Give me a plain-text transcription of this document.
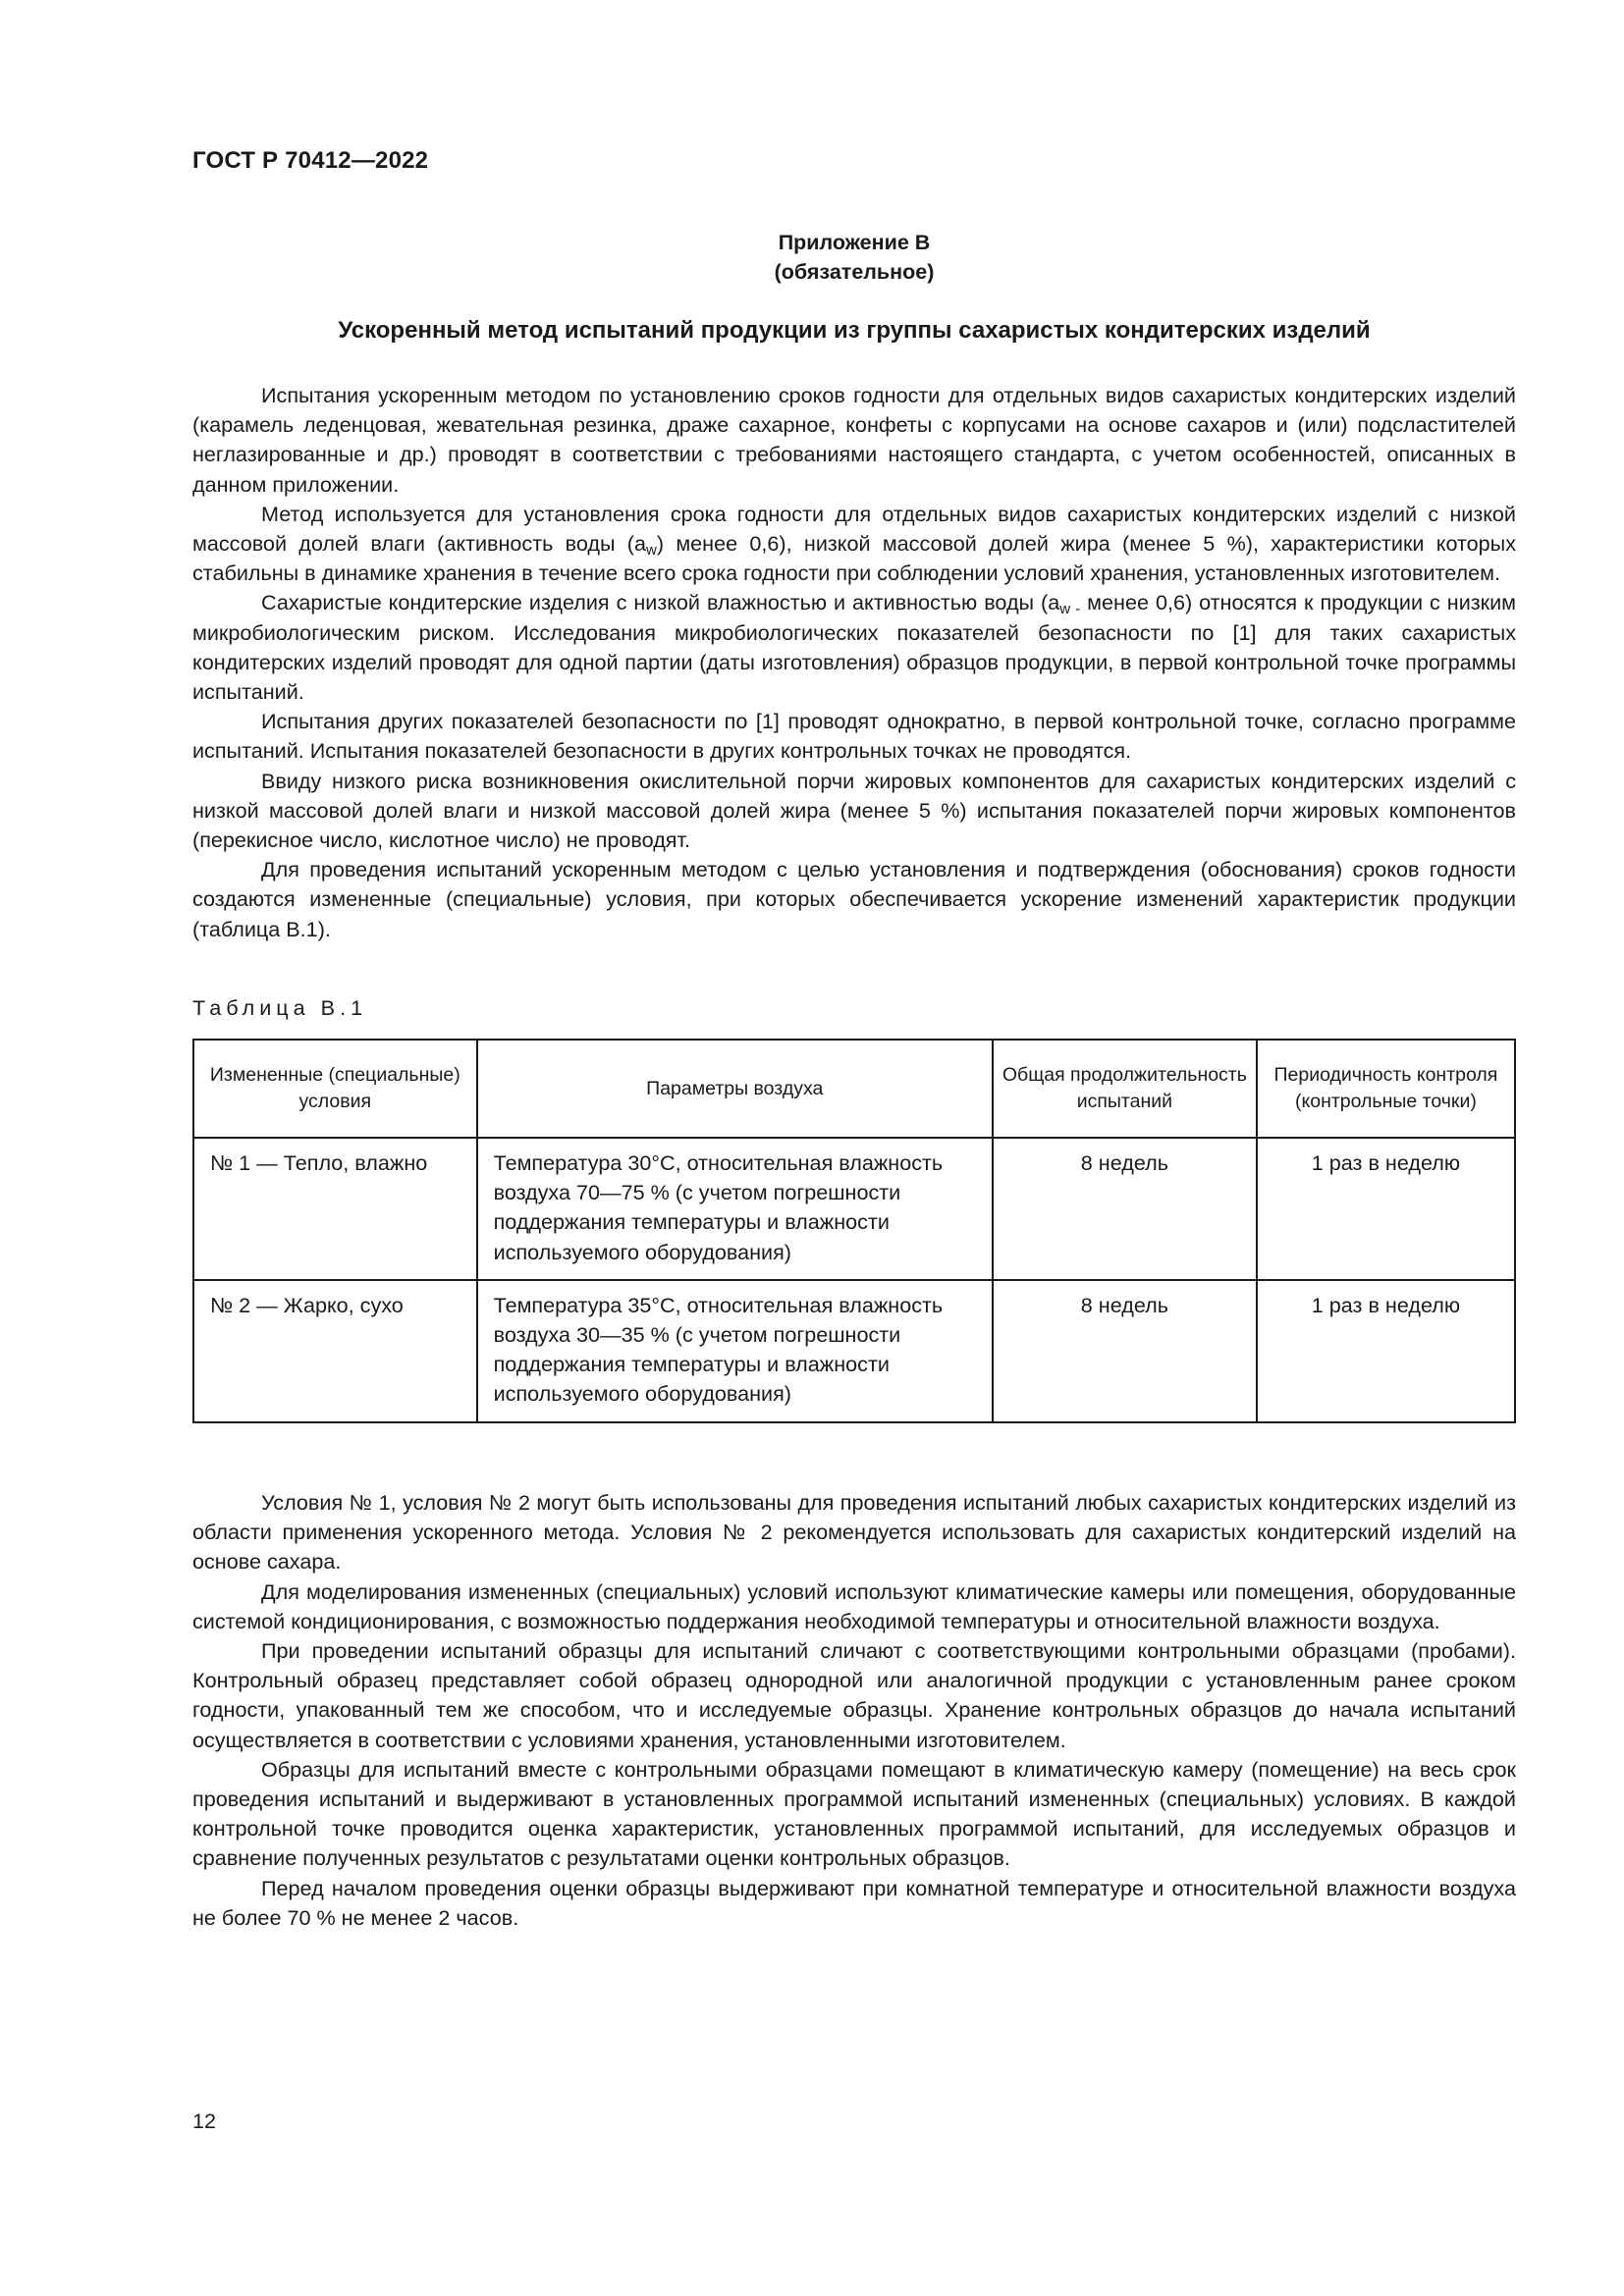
ГОСТ Р 70412—2022
Приложение В
(обязательное)
Ускоренный метод испытаний продукции из группы сахаристых кондитерских изделий

Испытания ускоренным методом по установлению сроков годности для отдельных видов сахаристых кондитерских изделий (карамель леденцовая, жевательная резинка, драже сахарное, конфеты с корпусами на основе сахаров и (или) подсластителей неглазированные и др.) проводят в соответствии с требованиями настоящего стандарта, с учетом особенностей, описанных в данном приложении.

Метод используется для установления срока годности для отдельных видов сахаристых кондитерских изделий с низкой массовой долей влаги (активность воды $(a_w)$ менее 0,6), низкой массовой долей жира (менее 5 %), характеристики которых стабильны в динамике хранения в течение всего срока годности при соблюдении условий хранения, установленных изготовителем.

Сахаристые кондитерские изделия с низкой влажностью и активностью воды ($a_{w -}$ менее 0,6) относятся к продукции с низким микробиологическим риском. Исследования микробиологических показателей безопасности по [1] для таких сахаристых кондитерских изделий проводят для одной партии (даты изготовления) образцов продукции, в первой контрольной точке программы испытаний.

Испытания других показателей безопасности по [1] проводят однократно, в первой контрольной точке, согласно программе испытаний. Испытания показателей безопасности в других контрольных точках не проводятся.

Ввиду низкого риска возникновения окислительной порчи жировых компонентов для сахаристых кондитерских изделий с низкой массовой долей влаги и низкой массовой долей жира (менее 5 %) испытания показателей порчи жировых компонентов (перекисное число, кислотное число) не проводят.

Для проведения испытаний ускоренным методом с целью установления и подтверждения (обоснования) сроков годности создаются измененные (специальные) условия, при которых обеспечивается ускорение изменений характеристик продукции (таблица В.1).

Таблица В.1
Измененные (специальные) условия	Параметры воздуха	Общая продолжительность испытаний	Периодичность контроля (контрольные точки)
№ 1 — Тепло, влажно	Температура 30°С, относительная влажность воздуха 70—75 % (с учетом погрешности поддержания температуры и влажности используемого оборудования)	8 недель	1 раз в неделю
№ 2 — Жарко, сухо	Температура 35°С, относительная влажность воздуха 30—35 % (с учетом погрешности поддержания температуры и влажности используемого оборудования)	8 недель	1 раз в неделю

Условия № 1, условия № 2 могут быть использованы для проведения испытаний любых сахаристых кондитерских изделий из области применения ускоренного метода. Условия № 2 рекомендуется использовать для сахаристых кондитерский изделий на основе сахара.

Для моделирования измененных (специальных) условий используют климатические камеры или помещения, оборудованные системой кондиционирования, с возможностью поддержания необходимой температуры и относительной влажности воздуха.

При проведении испытаний образцы для испытаний сличают с соответствующими контрольными образцами (пробами). Контрольный образец представляет собой образец однородной или аналогичной продукции с установленным ранее сроком годности, упакованный тем же способом, что и исследуемые образцы. Хранение контрольных образцов до начала испытаний осуществляется в соответствии с условиями хранения, установленными изготовителем.

Образцы для испытаний вместе с контрольными образцами помещают в климатическую камеру (помещение) на весь срок проведения испытаний и выдерживают в установленных программой испытаний измененных (специальных) условиях. В каждой контрольной точке проводится оценка характеристик, установленных программой испытаний, для исследуемых образцов и сравнение полученных результатов с результатами оценки контрольных образцов.

Перед началом проведения оценки образцы выдерживают при комнатной температуре и относительной влажности воздуха не более 70 % не менее 2 часов.

12
